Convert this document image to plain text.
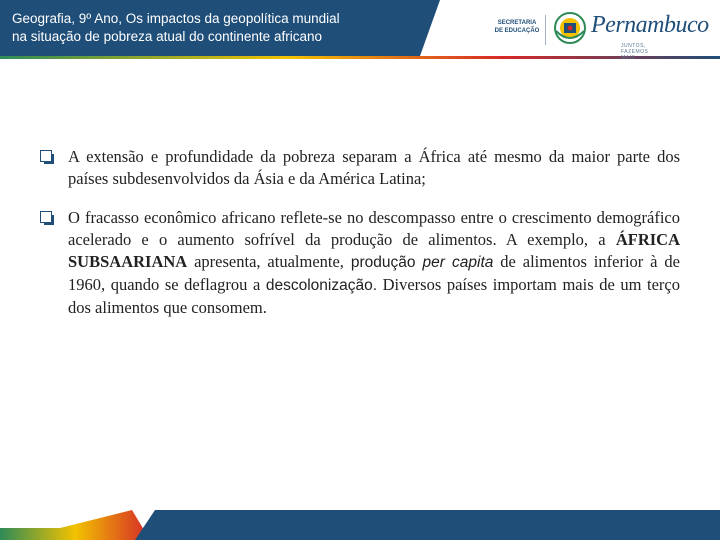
Geografia, 9º Ano, Os impactos da geopolítica mundial
na situação de pobreza atual do continente africano
SECRETARIA
DE EDUCAÇÃO Pernambuco
JUNTOS, FAZEMOS MAIS
A extensão e profundidade da pobreza separam a África até mesmo da maior parte dos países subdesenvolvidos da Ásia e da América Latina;
O fracasso econômico africano reflete-se no descompasso entre o crescimento demográfico acelerado e o aumento sofrível da produção de alimentos. A exemplo, a ÁFRICA SUBSAARIANA apresenta, atualmente, produção per capita de alimentos inferior à de 1960, quando se deflagrou a descolonização. Diversos países importam mais de um terço dos alimentos que consomem.
